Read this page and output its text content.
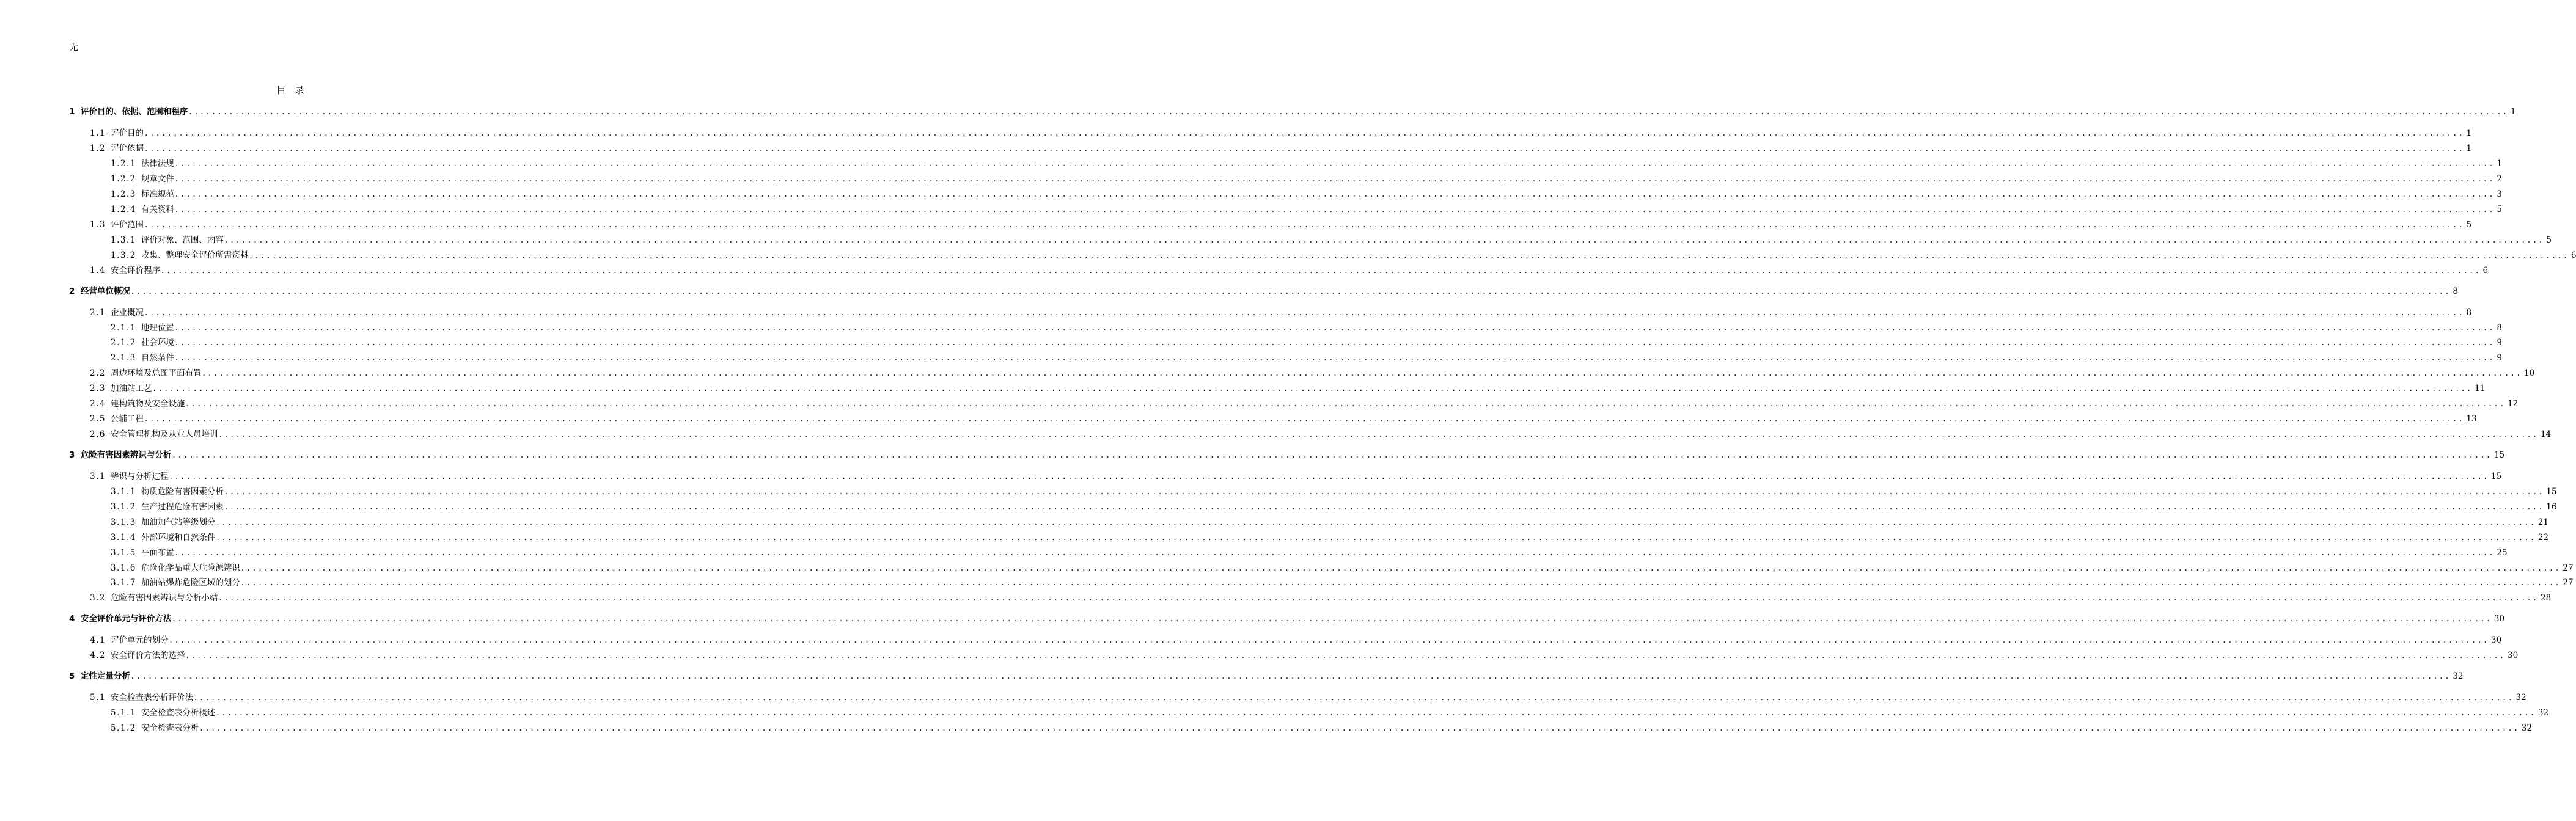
无
目录
1 评价目的、依据、范围和程序 ................................................................................................................................................................................................................................................................................................................................................................................................................ 1
1.1 评价目的 ................................................................................................................................................................................................................................................................................................................................................................................................................ 1
1.2 评价依据 ................................................................................................................................................................................................................................................................................................................................................................................................................ 1
1.2.1 法律法规 ................................................................................................................................................................................................................................................................................................................................................................................................................ 1
1.2.2 规章文件 ................................................................................................................................................................................................................................................................................................................................................................................................................ 2
1.2.3 标准规范 ................................................................................................................................................................................................................................................................................................................................................................................................................ 3
1.2.4 有关资料 ................................................................................................................................................................................................................................................................................................................................................................................................................ 5
1.3 评价范围 ................................................................................................................................................................................................................................................................................................................................................................................................................ 5
1.3.1 评价对象、范围、内容 ................................................................................................................................................................................................................................................................................................................................................................................................................ 5
1.3.2 收集、整理安全评价所需资料 ................................................................................................................................................................................................................................................................................................................................................................................................................ 6
1.4 安全评价程序 ................................................................................................................................................................................................................................................................................................................................................................................................................ 6
2 经营单位概况 ................................................................................................................................................................................................................................................................................................................................................................................................................ 8
2.1 企业概况 ................................................................................................................................................................................................................................................................................................................................................................................................................ 8
2.1.1 地理位置 ................................................................................................................................................................................................................................................................................................................................................................................................................ 8
2.1.2 社会环境 ................................................................................................................................................................................................................................................................................................................................................................................................................ 9
2.1.3 自然条件 ................................................................................................................................................................................................................................................................................................................................................................................................................ 9
2.2 周边环境及总图平面布置 ................................................................................................................................................................................................................................................................................................................................................................................................................ 10
2.3 加油站工艺 ................................................................................................................................................................................................................................................................................................................................................................................................................ 11
2.4 建构筑物及安全设施 ................................................................................................................................................................................................................................................................................................................................................................................................................ 12
2.5 公辅工程 ................................................................................................................................................................................................................................................................................................................................................................................................................ 13
2.6 安全管理机构及从业人员培训 ................................................................................................................................................................................................................................................................................................................................................................................................................ 14
3 危险有害因素辨识与分析 ................................................................................................................................................................................................................................................................................................................................................................................................................ 15
3.1 辨识与分析过程 ................................................................................................................................................................................................................................................................................................................................................................................................................ 15
3.1.1 物质危险有害因素分析 ................................................................................................................................................................................................................................................................................................................................................................................................................ 15
3.1.2 生产过程危险有害因素 ................................................................................................................................................................................................................................................................................................................................................................................................................ 16
3.1.3 加油加气站等级划分 ................................................................................................................................................................................................................................................................................................................................................................................................................ 21
3.1.4 外部环境和自然条件 ................................................................................................................................................................................................................................................................................................................................................................................................................ 22
3.1.5 平面布置 ................................................................................................................................................................................................................................................................................................................................................................................................................ 25
3.1.6 危险化学品重大危险源辨识 ................................................................................................................................................................................................................................................................................................................................................................................................................ 27
3.1.7 加油站爆炸危险区域的划分 ................................................................................................................................................................................................................................................................................................................................................................................................................ 27
3.2 危险有害因素辨识与分析小结 ................................................................................................................................................................................................................................................................................................................................................................................................................ 28
4 安全评价单元与评价方法 ................................................................................................................................................................................................................................................................................................................................................................................................................ 30
4.1 评价单元的划分 ................................................................................................................................................................................................................................................................................................................................................................................................................ 30
4.2 安全评价方法的选择 ................................................................................................................................................................................................................................................................................................................................................................................................................ 30
5 定性定量分析 ................................................................................................................................................................................................................................................................................................................................................................................................................ 32
5.1 安全检查表分析评价法 ................................................................................................................................................................................................................................................................................................................................................................................................................ 32
5.1.1 安全检查表分析概述 ................................................................................................................................................................................................................................................................................................................................................................................................................ 32
5.1.2 安全检查表分析 ................................................................................................................................................................................................................................................................................................................................................................................................................ 32
